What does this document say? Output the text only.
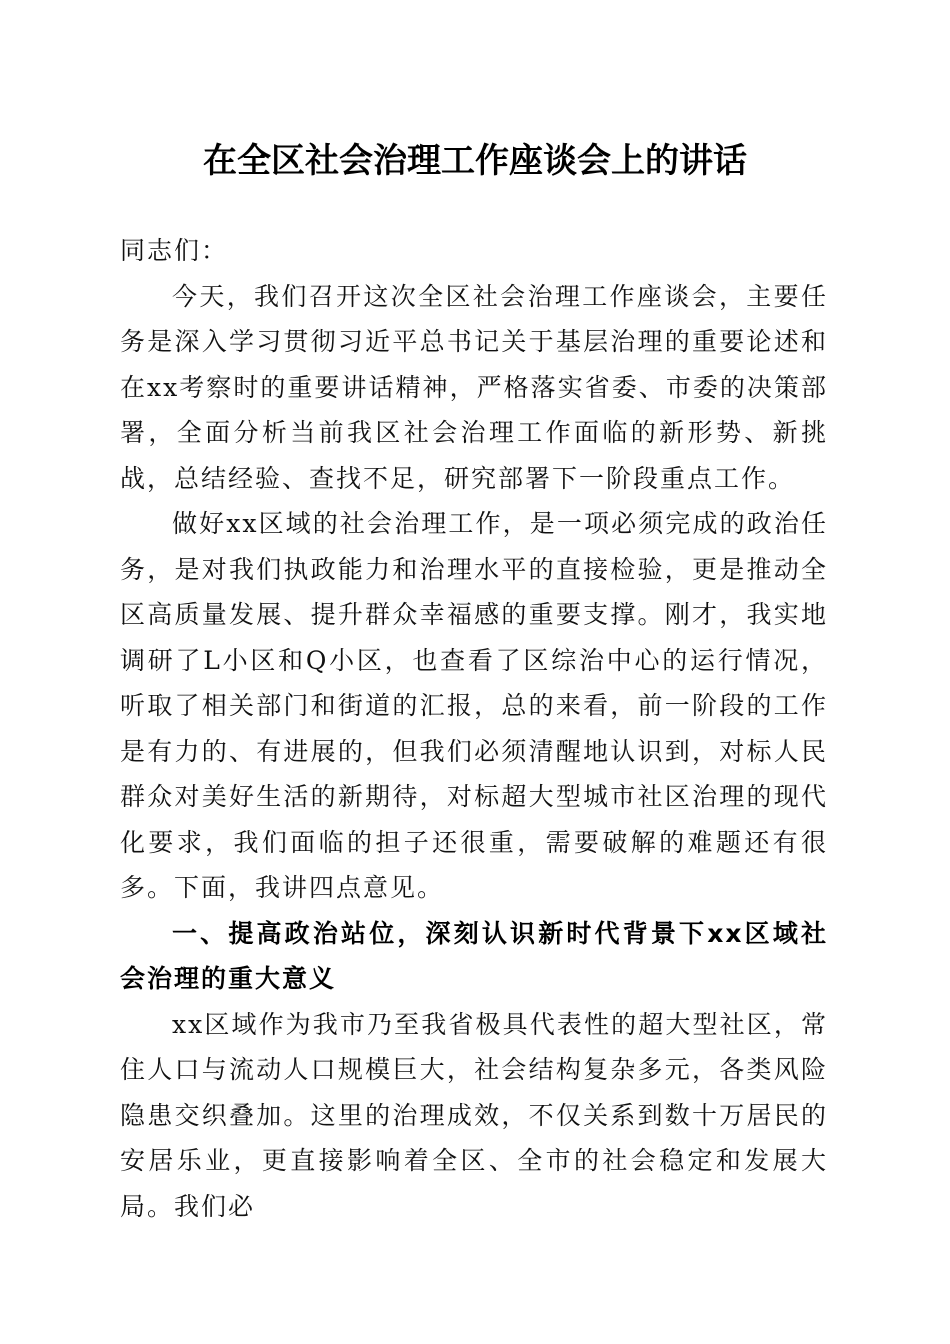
在全区社会治理工作座谈会上的讲话

同志们：

今天，我们召开这次全区社会治理工作座谈会，主要任务是深入学习贯彻习近平总书记关于基层治理的重要论述和在xx考察时的重要讲话精神，严格落实省委、市委的决策部署，全面分析当前我区社会治理工作面临的新形势、新挑战，总结经验、查找不足，研究部署下一阶段重点工作。

做好xx区域的社会治理工作，是一项必须完成的政治任务，是对我们执政能力和治理水平的直接检验，更是推动全区高质量发展、提升群众幸福感的重要支撑。刚才，我实地调研了L小区和Q小区，也查看了区综治中心的运行情况，听取了相关部门和街道的汇报，总的来看，前一阶段的工作是有力的、有进展的，但我们必须清醒地认识到，对标人民群众对美好生活的新期待，对标超大型城市社区治理的现代化要求，我们面临的担子还很重，需要破解的难题还有很多。下面，我讲四点意见。

一、提高政治站位，深刻认识新时代背景下xx区域社会治理的重大意义

xx区域作为我市乃至我省极具代表性的超大型社区，常住人口与流动人口规模巨大，社会结构复杂多元，各类风险隐患交织叠加。这里的治理成效，不仅关系到数十万居民的安居乐业，更直接影响着全区、全市的社会稳定和发展大局。我们必
